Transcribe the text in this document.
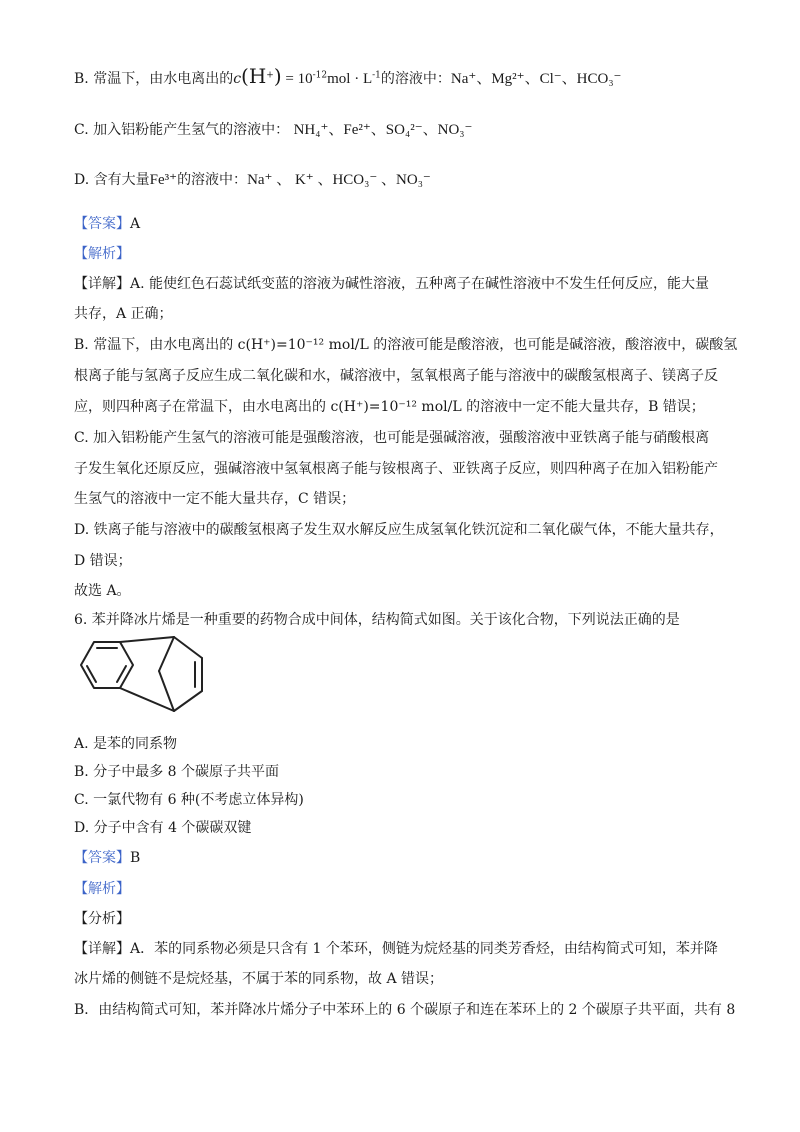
B. 常温下，由水电离出的$c(H^+) = 10^{-12}mol \cdot L^{-1}$的溶液中：Na⁺、Mg²⁺、Cl⁻、HCO₃⁻
C. 加入铝粉能产生氢气的溶液中： NH₄⁺、Fe²⁺、SO₄²⁻、NO₃⁻
D. 含有大量Fe³⁺的溶液中：Na⁺ 、 K⁺ 、HCO₃⁻ 、NO₃⁻
【答案】A
【解析】
【详解】A. 能使红色石蕊试纸变蓝的溶液为碱性溶液，五种离子在碱性溶液中不发生任何反应，能大量
共存，A 正确；
B. 常温下，由水电离出的 c(H⁺)=10⁻¹² mol/L 的溶液可能是酸溶液，也可能是碱溶液，酸溶液中，碳酸氢
根离子能与氢离子反应生成二氧化碳和水，碱溶液中，氢氧根离子能与溶液中的碳酸氢根离子、镁离子反
应，则四种离子在常温下，由水电离出的 c(H⁺)=10⁻¹² mol/L 的溶液中一定不能大量共存，B 错误；
C. 加入铝粉能产生氢气的溶液可能是强酸溶液，也可能是强碱溶液，强酸溶液中亚铁离子能与硝酸根离
子发生氧化还原反应，强碱溶液中氢氧根离子能与铵根离子、亚铁离子反应，则四种离子在加入铝粉能产
生氢气的溶液中一定不能大量共存，C 错误；
D. 铁离子能与溶液中的碳酸氢根离子发生双水解反应生成氢氧化铁沉淀和二氧化碳气体，不能大量共存，
D 错误；
故选 A。
6. 苯并降冰片烯是一种重要的药物合成中间体，结构简式如图。关于该化合物，下列说法正确的是
A. 是苯的同系物
B. 分子中最多 8 个碳原子共平面
C. 一氯代物有 6 种(不考虑立体异构)
D. 分子中含有 4 个碳碳双键
【答案】B
【解析】
【分析】
【详解】A．苯的同系物必须是只含有 1 个苯环，侧链为烷烃基的同类芳香烃，由结构简式可知，苯并降
冰片烯的侧链不是烷烃基，不属于苯的同系物，故 A 错误；
B．由结构简式可知，苯并降冰片烯分子中苯环上的 6 个碳原子和连在苯环上的 2 个碳原子共平面，共有 8
